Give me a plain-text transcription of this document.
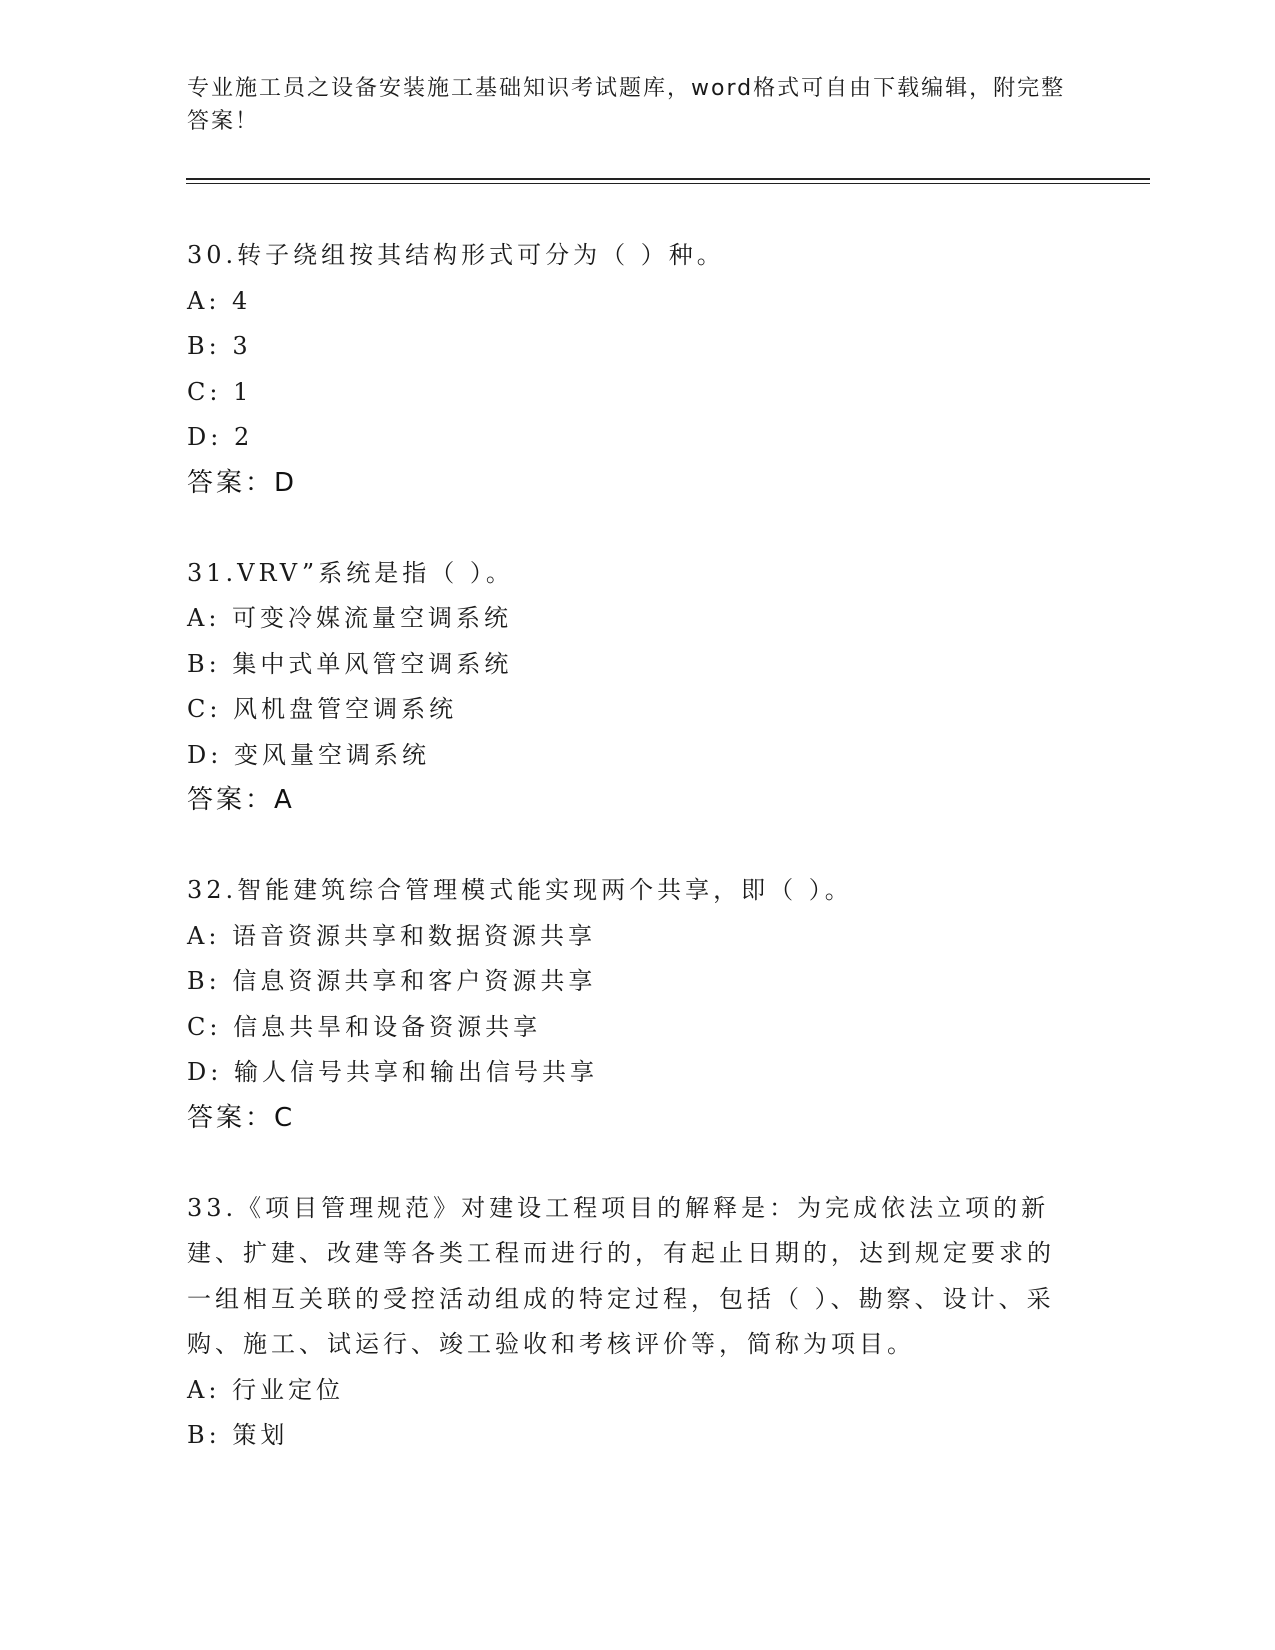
专业施工员之设备安装施工基础知识考试题库，word格式可自由下载编辑，附完整答案！
30.转子绕组按其结构形式可分为（ ）种。
A: 4
B: 3
C: 1
D: 2
答案：D
31.VRV”系统是指（ ）。
A: 可变冷媒流量空调系统
B: 集中式单风管空调系统
C: 风机盘管空调系统
D: 变风量空调系统
答案：A
32.智能建筑综合管理模式能实现两个共享，即（ ）。
A: 语音资源共享和数据资源共享
B: 信息资源共享和客户资源共享
C: 信息共旱和设备资源共享
D: 输人信号共享和输出信号共享
答案：C
33.《项目管理规范》对建设工程项目的解释是：为完成依法立项的新建、扩建、改建等各类工程而进行的，有起止日期的，达到规定要求的一组相互关联的受控活动组成的特定过程，包括（ ）、勘察、设计、采购、施工、试运行、竣工验收和考核评价等，简称为项目。
A: 行业定位
B: 策划
